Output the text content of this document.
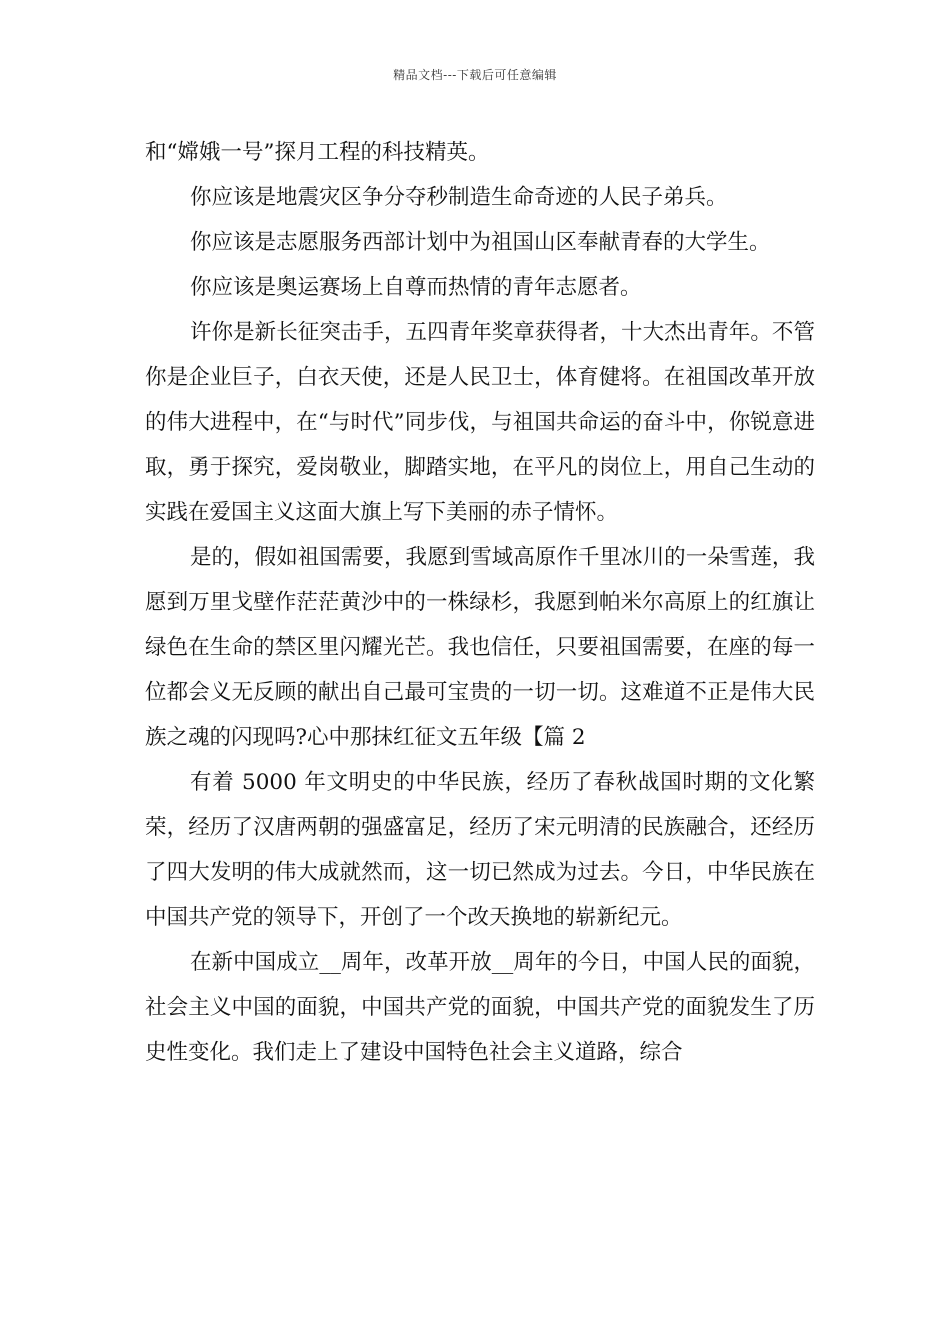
精品文档---下载后可任意编辑

和“嫦娥一号”探月工程的科技精英。

你应该是地震灾区争分夺秒制造生命奇迹的人民子弟兵。

你应该是志愿服务西部计划中为祖国山区奉献青春的大学生。

你应该是奥运赛场上自尊而热情的青年志愿者。

许你是新长征突击手，五四青年奖章获得者，十大杰出青年。不管你是企业巨子，白衣天使，还是人民卫士，体育健将。在祖国改革开放的伟大进程中，在“与时代”同步伐，与祖国共命运的奋斗中，你锐意进取，勇于探究，爱岗敬业，脚踏实地，在平凡的岗位上，用自己生动的实践在爱国主义这面大旗上写下美丽的赤子情怀。

是的，假如祖国需要，我愿到雪域高原作千里冰川的一朵雪莲，我愿到万里戈壁作茫茫黄沙中的一株绿杉，我愿到帕米尔高原上的红旗让绿色在生命的禁区里闪耀光芒。我也信任，只要祖国需要，在座的每一位都会义无反顾的献出自己最可宝贵的一切一切。这难道不正是伟大民族之魂的闪现吗?心中那抹红征文五年级【篇 2

有着 5000 年文明史的中华民族，经历了春秋战国时期的文化繁荣，经历了汉唐两朝的强盛富足，经历了宋元明清的民族融合，还经历了四大发明的伟大成就然而，这一切已然成为过去。今日，中华民族在中国共产党的领导下，开创了一个改天换地的崭新纪元。

在新中国成立__周年，改革开放__周年的今日，中国人民的面貌，社会主义中国的面貌，中国共产党的面貌，中国共产党的面貌发生了历史性变化。我们走上了建设中国特色社会主义道路，综合
